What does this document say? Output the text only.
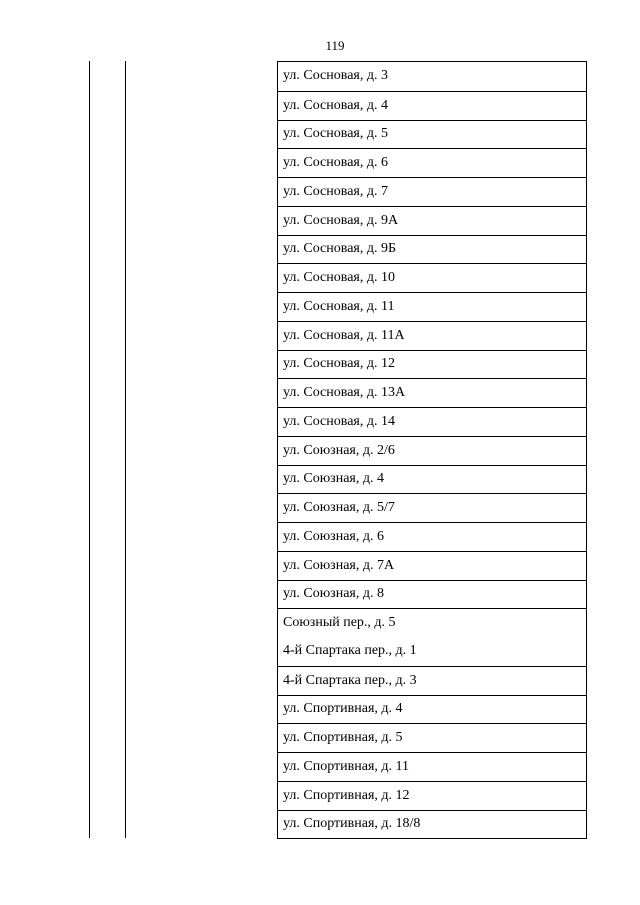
119
ул. Сосновая, д. 3
ул. Сосновая, д. 4
ул. Сосновая, д. 5
ул. Сосновая, д. 6
ул. Сосновая, д. 7
ул. Сосновая, д. 9А
ул. Сосновая, д. 9Б
ул. Сосновая, д. 10
ул. Сосновая, д. 11
ул. Сосновая, д. 11А
ул. Сосновая, д. 12
ул. Сосновая, д. 13А
ул. Сосновая, д. 14
ул. Союзная, д. 2/6
ул. Союзная, д. 4
ул. Союзная, д. 5/7
ул. Союзная, д. 6
ул. Союзная, д. 7А
ул. Союзная, д. 8
Союзный пер., д. 5
4-й Спартака пер., д. 1
4-й Спартака пер., д. 3
ул. Спортивная, д. 4
ул. Спортивная, д. 5
ул. Спортивная, д. 11
ул. Спортивная, д. 12
ул. Спортивная, д. 18/8
